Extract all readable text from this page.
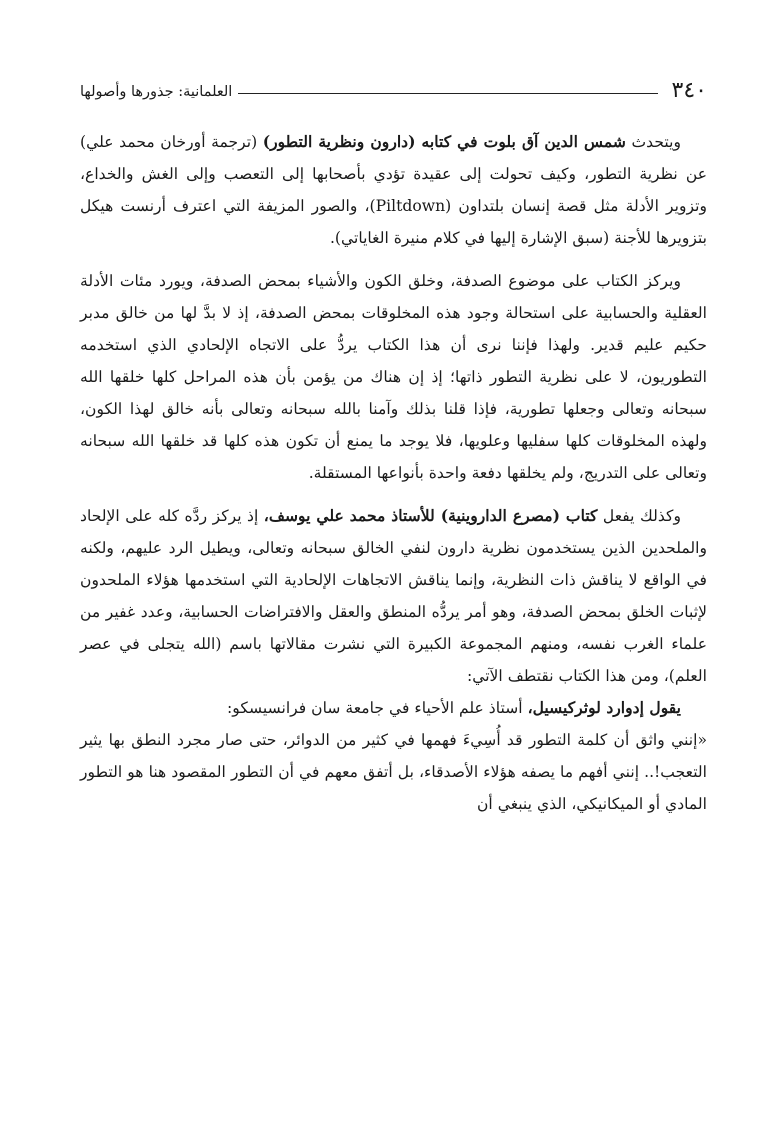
٣٤٠
العلمانية: جذورها وأصولها

ويتحدث شمس الدين آق بلوت في كتابه (دارون ونظرية التطور) (ترجمة أورخان محمد علي) عن نظرية التطور، وكيف تحولت إلى عقيدة تؤدي بأصحابها إلى التعصب وإلى الغش والخداع، وتزوير الأدلة مثل قصة إنسان بلتداون (Piltdown)، والصور المزيفة التي اعترف أرنست هيكل بتزويرها للأجنة (سبق الإشارة إليها في كلام منيرة الغاياتي).

ويركز الكتاب على موضوع الصدفة، وخلق الكون والأشياء بمحض الصدفة، ويورد مئات الأدلة العقلية والحسابية على استحالة وجود هذه المخلوقات بمحض الصدفة، إذ لا بدَّ لها من خالق مدبر حكيم عليم قدير. ولهذا فإننا نرى أن هذا الكتاب يردُّ على الاتجاه الإلحادي الذي استخدمه التطوريون، لا على نظرية التطور ذاتها؛ إذ إن هناك من يؤمن بأن هذه المراحل كلها خلقها الله سبحانه وتعالى وجعلها تطورية، فإذا قلنا بذلك وآمنا بالله سبحانه وتعالى بأنه خالق لهذا الكون، ولهذه المخلوقات كلها سفليها وعلويها، فلا يوجد ما يمنع أن تكون هذه كلها قد خلقها الله سبحانه وتعالى على التدريج، ولم يخلقها دفعة واحدة بأنواعها المستقلة.

وكذلك يفعل كتاب (مصرع الداروينية) للأستاذ محمد علي يوسف، إذ يركز ردَّه كله على الإلحاد والملحدين الذين يستخدمون نظرية دارون لنفي الخالق سبحانه وتعالى، ويطيل الرد عليهم، ولكنه في الواقع لا يناقش ذات النظرية، وإنما يناقش الاتجاهات الإلحادية التي استخدمها هؤلاء الملحدون لإثبات الخلق بمحض الصدفة، وهو أمر يردُّه المنطق والعقل والافتراضات الحسابية، وعدد غفير من علماء الغرب نفسه، ومنهم المجموعة الكبيرة التي نشرت مقالاتها باسم (الله يتجلى في عصر العلم)، ومن هذا الكتاب نقتطف الآتي:

يقول إدوارد لوثركيسيل، أستاذ علم الأحياء في جامعة سان فرانسيسكو:

«إنني واثق أن كلمة التطور قد أُسِيءَ فهمها في كثير من الدوائر، حتى صار مجرد النطق بها يثير التعجب!.. إنني أفهم ما يصفه هؤلاء الأصدقاء، بل أتفق معهم في أن التطور المقصود هنا هو التطور المادي أو الميكانيكي، الذي ينبغي أن
